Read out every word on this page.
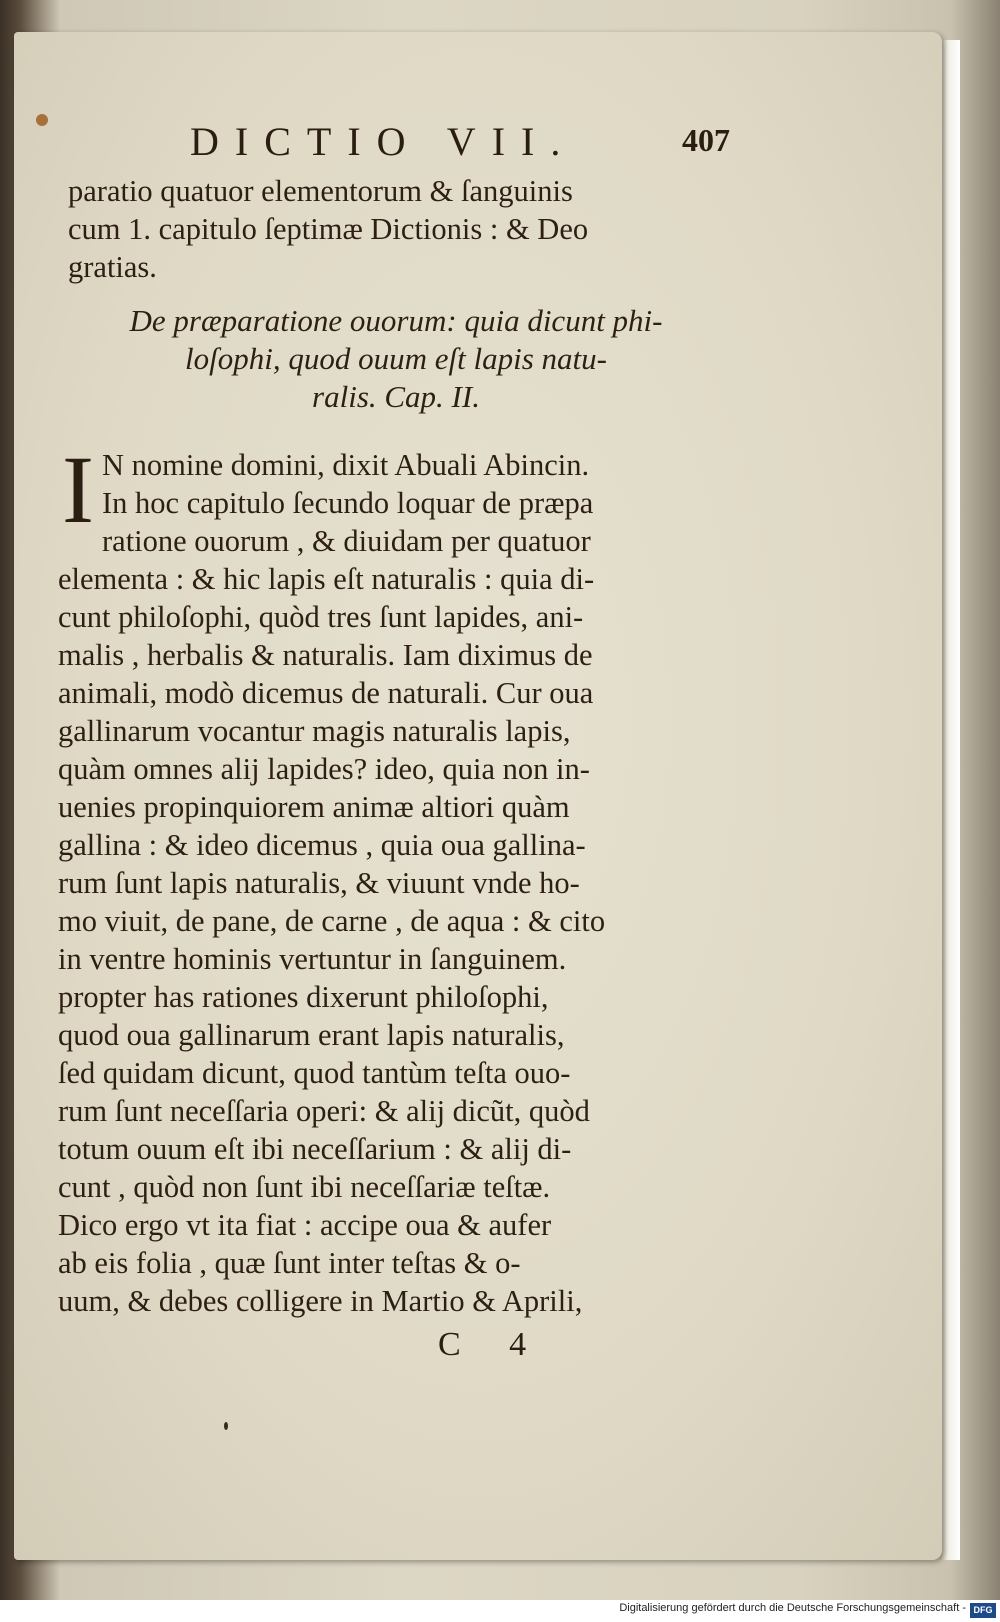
DICTIO VII.	407
paratio quatuor elementorum & ſanguinis
cum 1. capitulo ſeptimæ Dictionis : & Deo
gratias.
De præparatione ouorum: quia dicunt phi-
loſophi, quod ouum eſt lapis natu-
ralis. Cap. II.
I N nomine domini, dixit Abuali Abincin.
In hoc capitulo ſecundo loquar de præpa
ratione ouorum , & diuidam per quatuor
elementa : & hic lapis eſt naturalis : quia di-
cunt philoſophi, quòd tres ſunt lapides, ani-
malis , herbalis & naturalis. Iam diximus de
animali, modò dicemus de naturali. Cur oua
gallinarum vocantur magis naturalis lapis,
quàm omnes alij lapides? ideo, quia non in-
uenies propinquiorem animæ altiori quàm
gallina : & ideo dicemus , quia oua gallina-
rum ſunt lapis naturalis, & viuunt vnde ho-
mo viuit, de pane, de carne , de aqua : & cito
in ventre hominis vertuntur in ſanguinem.
propter has rationes dixerunt philoſophi,
quod oua gallinarum erant lapis naturalis,
ſed quidam dicunt, quod tantùm teſta ouo-
rum ſunt neceſſaria operi: & alij dicũt, quòd
totum ouum eſt ibi neceſſarium : & alij di-
cunt , quòd non ſunt ibi neceſſariæ teſtæ.
Dico ergo vt ita fiat : accipe oua & aufer
ab eis folia , quæ ſunt inter teſtas & o-
uum, & debes colligere in Martio & Aprili,
C 4
Digitalisierung gefördert durch die Deutsche Forschungsgemeinschaft - DFG
